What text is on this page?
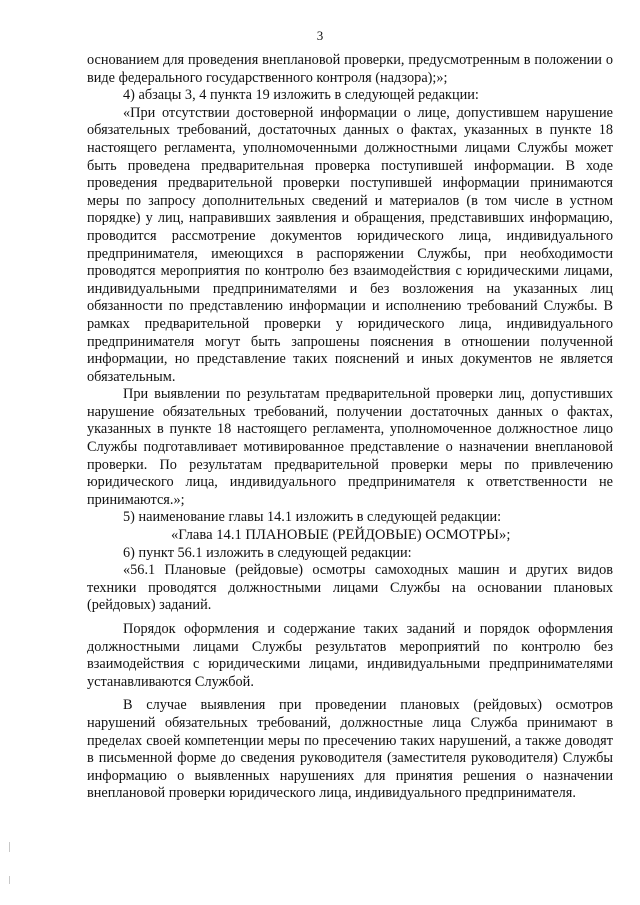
3

основанием для проведения внеплановой проверки, предусмотренным в положении о виде федерального государственного контроля (надзора);»;

4) абзацы 3, 4 пункта 19 изложить в следующей редакции:

«При отсутствии достоверной информации о лице, допустившем нарушение обязательных требований, достаточных данных о фактах, указанных в пункте 18 настоящего регламента, уполномоченными должностными лицами Службы может быть проведена предварительная проверка поступившей информации. В ходе проведения предварительной проверки поступившей информации принимаются меры по запросу дополнительных сведений и материалов (в том числе в устном порядке) у лиц, направивших заявления и обращения, представивших информацию, проводится рассмотрение документов юридического лица, индивидуального предпринимателя, имеющихся в распоряжении Службы, при необходимости проводятся мероприятия по контролю без взаимодействия с юридическими лицами, индивидуальными предпринимателями и без возложения на указанных лиц обязанности по представлению информации и исполнению требований Службы. В рамках предварительной проверки у юридического лица, индивидуального предпринимателя могут быть запрошены пояснения в отношении полученной информации, но представление таких пояснений и иных документов не является обязательным.

При выявлении по результатам предварительной проверки лиц, допустивших нарушение обязательных требований, получении достаточных данных о фактах, указанных в пункте 18 настоящего регламента, уполномоченное должностное лицо Службы подготавливает мотивированное представление о назначении внеплановой проверки. По результатам предварительной проверки меры по привлечению юридического лица, индивидуального предпринимателя к ответственности не принимаются.»;

5) наименование главы 14.1 изложить в следующей редакции:

«Глава 14.1 ПЛАНОВЫЕ (РЕЙДОВЫЕ) ОСМОТРЫ»;

6) пункт 56.1 изложить в следующей редакции:

«56.1 Плановые (рейдовые) осмотры самоходных машин и других видов техники проводятся должностными лицами Службы на основании плановых (рейдовых) заданий.

Порядок оформления и содержание таких заданий и порядок оформления должностными лицами Службы результатов мероприятий по контролю без взаимодействия с юридическими лицами, индивидуальными предпринимателями устанавливаются Службой.

В случае выявления при проведении плановых (рейдовых) осмотров нарушений обязательных требований, должностные лица Служба принимают в пределах своей компетенции меры по пресечению таких нарушений, а также доводят в письменной форме до сведения руководителя (заместителя руководителя) Службы информацию о выявленных нарушениях для принятия решения о назначении внеплановой проверки юридического лица, индивидуального предпринимателя.
